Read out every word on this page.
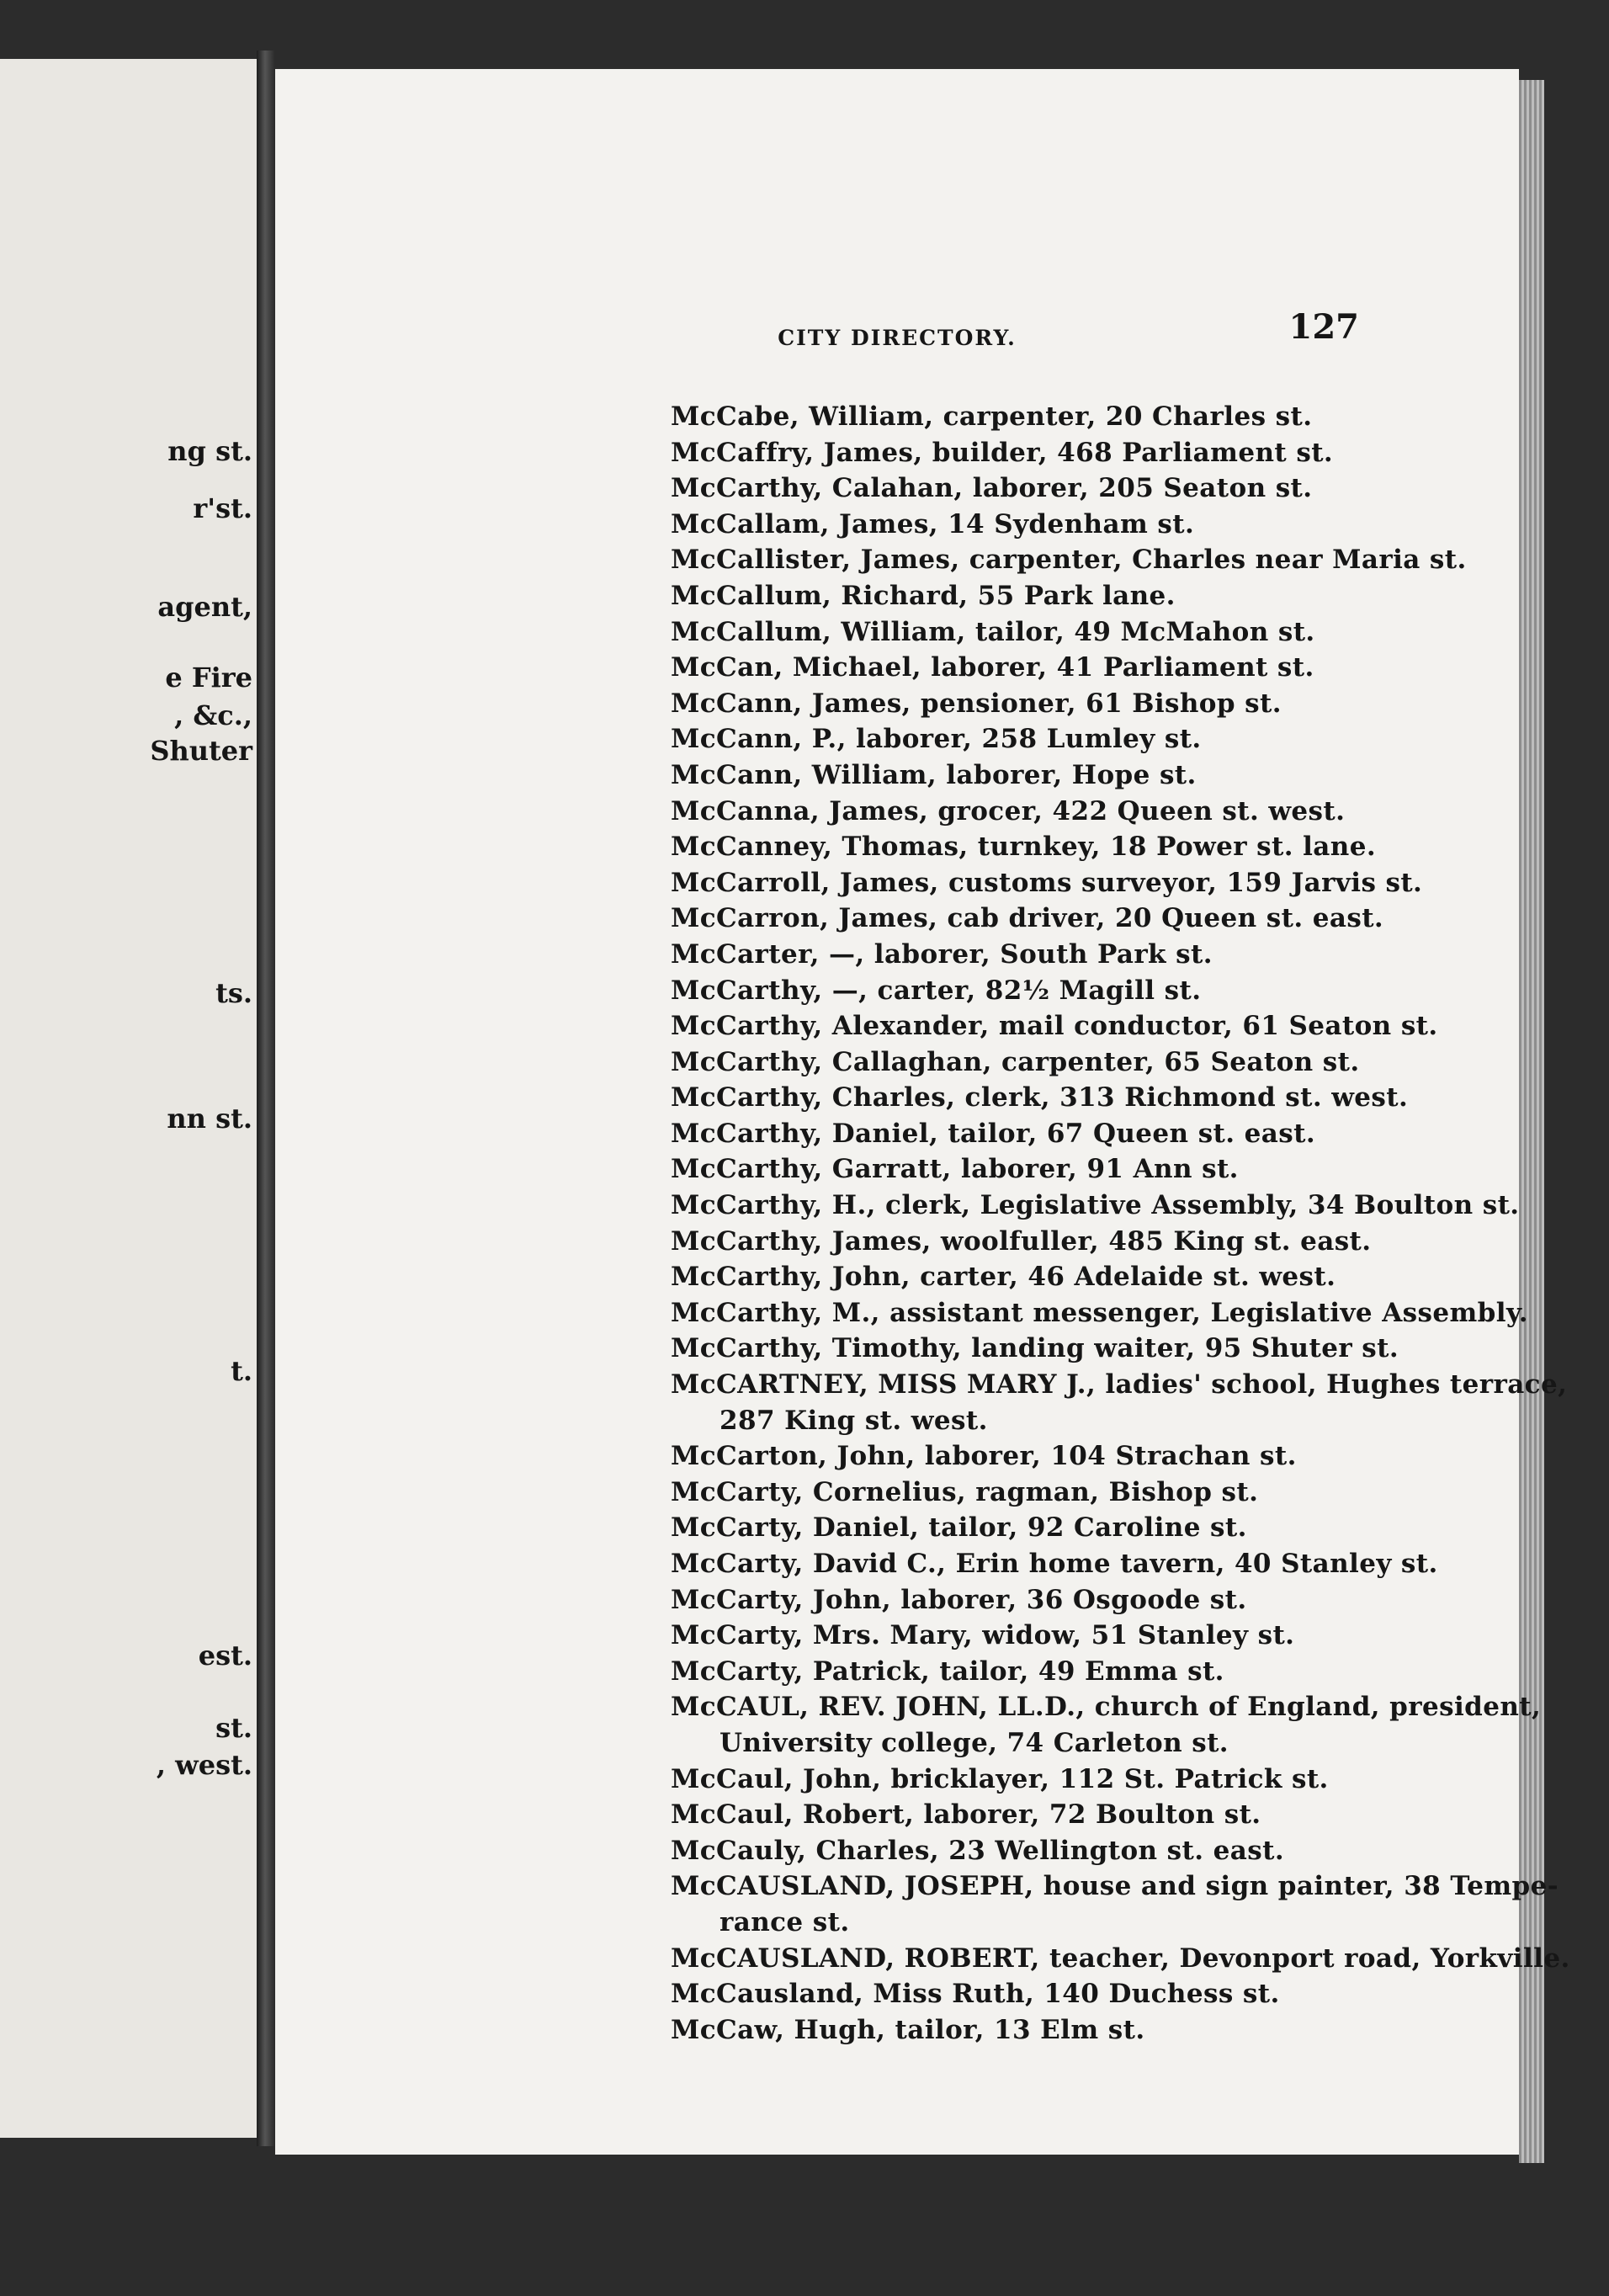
ng st.
r'st.
agent,
e Fire
, &c.,
Shuter
ts.
nn st.
t.
est.
st.
, west.
CITY DIRECTORY.	127
McCabe, William, carpenter, 20 Charles st.
McCaffry, James, builder, 468 Parliament st.
McCarthy, Calahan, laborer, 205 Seaton st.
McCallam, James, 14 Sydenham st.
McCallister, James, carpenter, Charles near Maria st.
McCallum, Richard, 55 Park lane.
McCallum, William, tailor, 49 McMahon st.
McCan, Michael, laborer, 41 Parliament st.
McCann, James, pensioner, 61 Bishop st.
McCann, P., laborer, 258 Lumley st.
McCann, William, laborer, Hope st.
McCanna, James, grocer, 422 Queen st. west.
McCanney, Thomas, turnkey, 18 Power st. lane.
McCarroll, James, customs surveyor, 159 Jarvis st.
McCarron, James, cab driver, 20 Queen st. east.
McCarter, —, laborer, South Park st.
McCarthy, —, carter, 82½ Magill st.
McCarthy, Alexander, mail conductor, 61 Seaton st.
McCarthy, Callaghan, carpenter, 65 Seaton st.
McCarthy, Charles, clerk, 313 Richmond st. west.
McCarthy, Daniel, tailor, 67 Queen st. east.
McCarthy, Garratt, laborer, 91 Ann st.
McCarthy, H., clerk, Legislative Assembly, 34 Boulton st.
McCarthy, James, woolfuller, 485 King st. east.
McCarthy, John, carter, 46 Adelaide st. west.
McCarthy, M., assistant messenger, Legislative Assembly.
McCarthy, Timothy, landing waiter, 95 Shuter st.
McCARTNEY, MISS MARY J., ladies' school, Hughes terrace,
287 King st. west.
McCarton, John, laborer, 104 Strachan st.
McCarty, Cornelius, ragman, Bishop st.
McCarty, Daniel, tailor, 92 Caroline st.
McCarty, David C., Erin home tavern, 40 Stanley st.
McCarty, John, laborer, 36 Osgoode st.
McCarty, Mrs. Mary, widow, 51 Stanley st.
McCarty, Patrick, tailor, 49 Emma st.
McCAUL, REV. JOHN, LL.D., church of England, president,
University college, 74 Carleton st.
McCaul, John, bricklayer, 112 St. Patrick st.
McCaul, Robert, laborer, 72 Boulton st.
McCauly, Charles, 23 Wellington st. east.
McCAUSLAND, JOSEPH, house and sign painter, 38 Tempe-
rance st.
McCAUSLAND, ROBERT, teacher, Devonport road, Yorkville.
McCausland, Miss Ruth, 140 Duchess st.
McCaw, Hugh, tailor, 13 Elm st.
